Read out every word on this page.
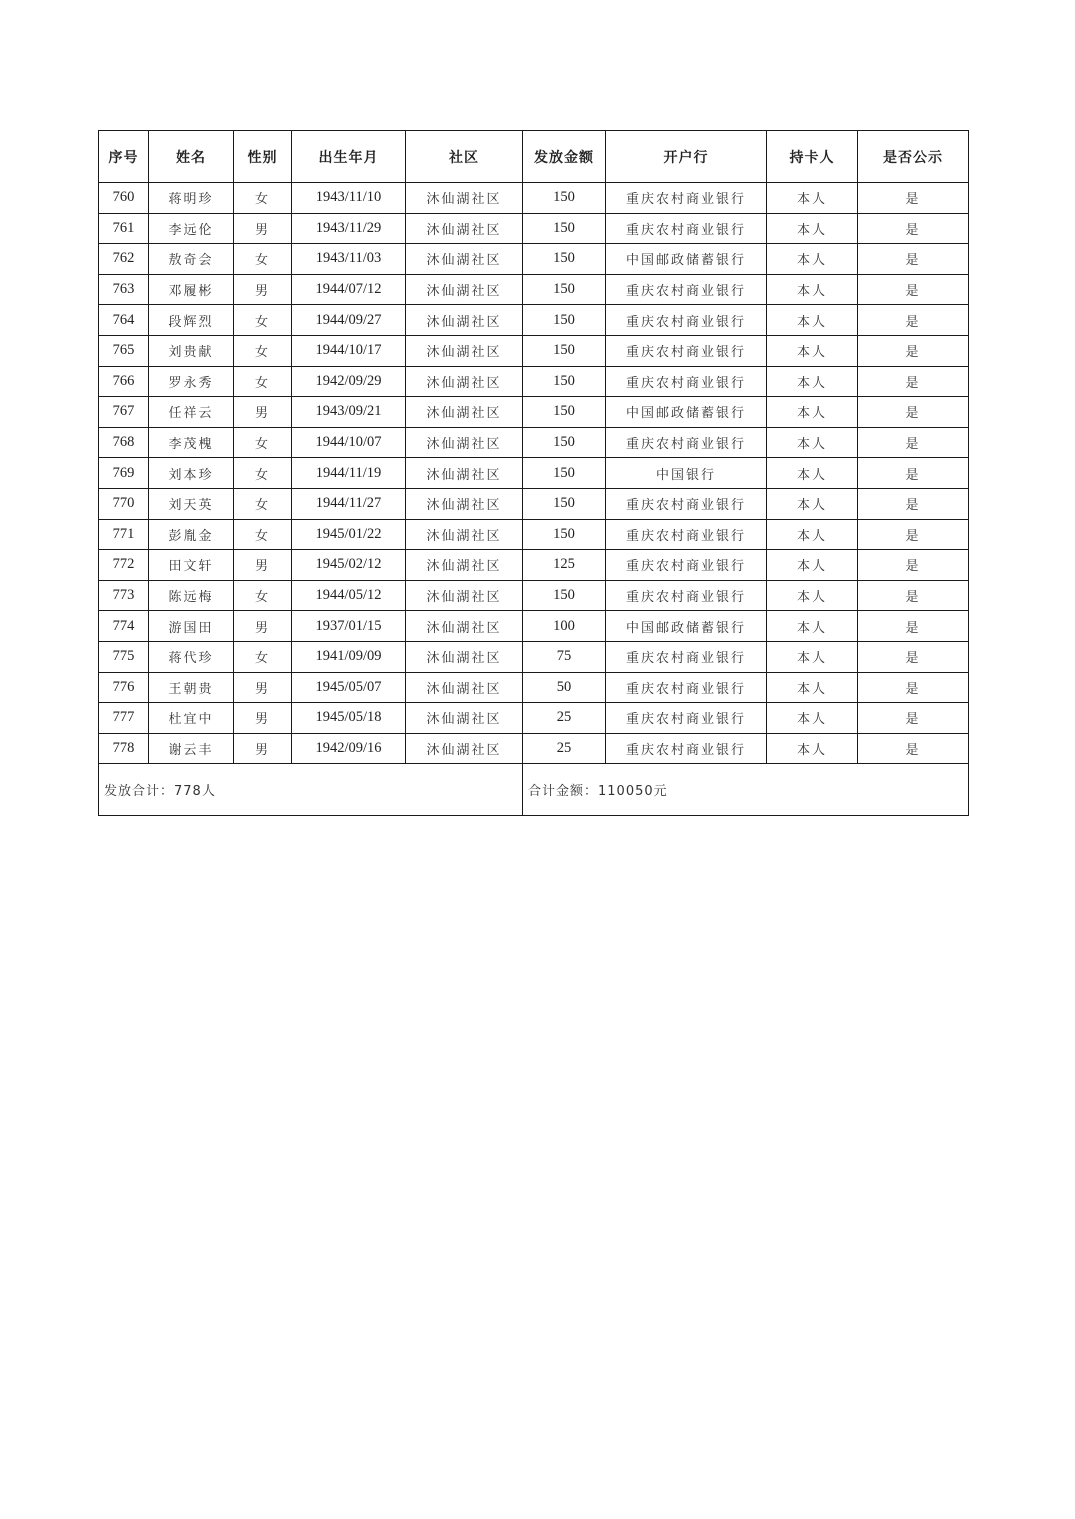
序号	姓名	性别	出生年月	社区	发放金额	开户行	持卡人	是否公示
760	蒋明珍	女	1943/11/10	沐仙湖社区	150	重庆农村商业银行	本人	是
761	李远伦	男	1943/11/29	沐仙湖社区	150	重庆农村商业银行	本人	是
762	敖奇会	女	1943/11/03	沐仙湖社区	150	中国邮政储蓄银行	本人	是
763	邓履彬	男	1944/07/12	沐仙湖社区	150	重庆农村商业银行	本人	是
764	段辉烈	女	1944/09/27	沐仙湖社区	150	重庆农村商业银行	本人	是
765	刘贵献	女	1944/10/17	沐仙湖社区	150	重庆农村商业银行	本人	是
766	罗永秀	女	1942/09/29	沐仙湖社区	150	重庆农村商业银行	本人	是
767	任祥云	男	1943/09/21	沐仙湖社区	150	中国邮政储蓄银行	本人	是
768	李茂槐	女	1944/10/07	沐仙湖社区	150	重庆农村商业银行	本人	是
769	刘本珍	女	1944/11/19	沐仙湖社区	150	中国银行	本人	是
770	刘天英	女	1944/11/27	沐仙湖社区	150	重庆农村商业银行	本人	是
771	彭胤金	女	1945/01/22	沐仙湖社区	150	重庆农村商业银行	本人	是
772	田文轩	男	1945/02/12	沐仙湖社区	125	重庆农村商业银行	本人	是
773	陈远梅	女	1944/05/12	沐仙湖社区	150	重庆农村商业银行	本人	是
774	游国田	男	1937/01/15	沐仙湖社区	100	中国邮政储蓄银行	本人	是
775	蒋代珍	女	1941/09/09	沐仙湖社区	75	重庆农村商业银行	本人	是
776	王朝贵	男	1945/05/07	沐仙湖社区	50	重庆农村商业银行	本人	是
777	杜宜中	男	1945/05/18	沐仙湖社区	25	重庆农村商业银行	本人	是
778	谢云丰	男	1942/09/16	沐仙湖社区	25	重庆农村商业银行	本人	是
发放合计：778人					合计金额：110050元			
